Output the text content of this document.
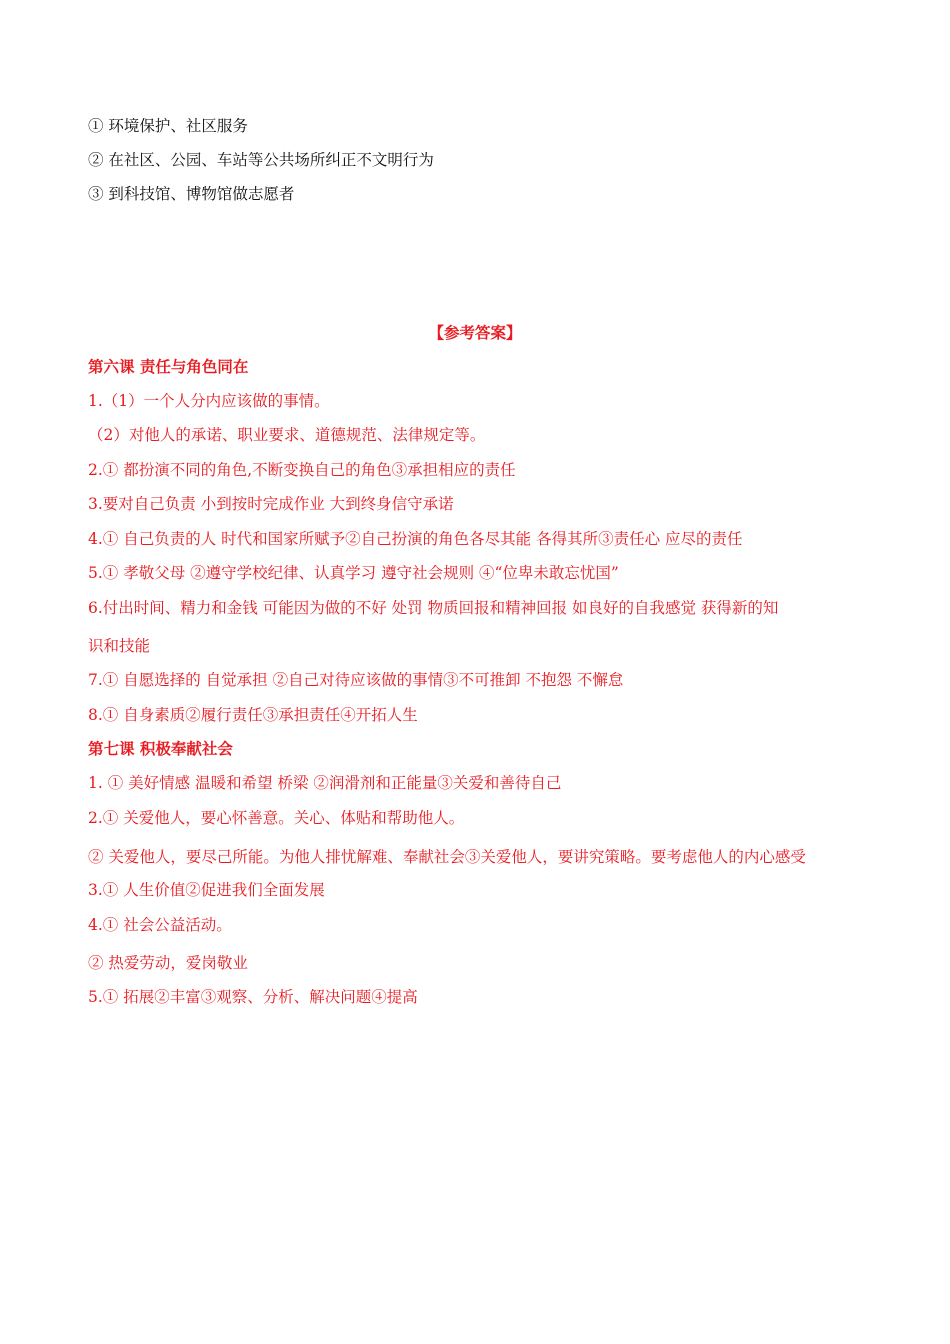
① 环境保护、社区服务
② 在社区、公园、车站等公共场所纠正不文明行为
③ 到科技馆、博物馆做志愿者
【参考答案】
第六课 责任与角色同在
1.（1）一个人分内应该做的事情。
（2）对他人的承诺、职业要求、道德规范、法律规定等。
2.① 都扮演不同的角色,不断变换自己的角色③承担相应的责任
3.要对自己负责 小到按时完成作业 大到终身信守承诺
4.① 自己负责的人 时代和国家所赋予②自己扮演的角色各尽其能 各得其所③责任心 应尽的责任
5.① 孝敬父母 ②遵守学校纪律、认真学习 遵守社会规则 ④“位卑未敢忘忧国”
6.付出时间、精力和金钱 可能因为做的不好 处罚 物质回报和精神回报 如良好的自我感觉 获得新的知
识和技能
7.① 自愿选择的 自觉承担 ②自己对待应该做的事情③不可推卸 不抱怨 不懈怠
8.① 自身素质②履行责任③承担责任④开拓人生
第七课 积极奉献社会
1. ① 美好情感 温暖和希望 桥梁 ②润滑剂和正能量③关爱和善待自己
2.① 关爱他人，要心怀善意。关心、体贴和帮助他人。
② 关爱他人，要尽己所能。为他人排忧解难、奉献社会③关爱他人，要讲究策略。要考虑他人的内心感受
3.① 人生价值②促进我们全面发展
4.① 社会公益活动。
② 热爱劳动，爱岗敬业
5.① 拓展②丰富③观察、分析、解决问题④提高
